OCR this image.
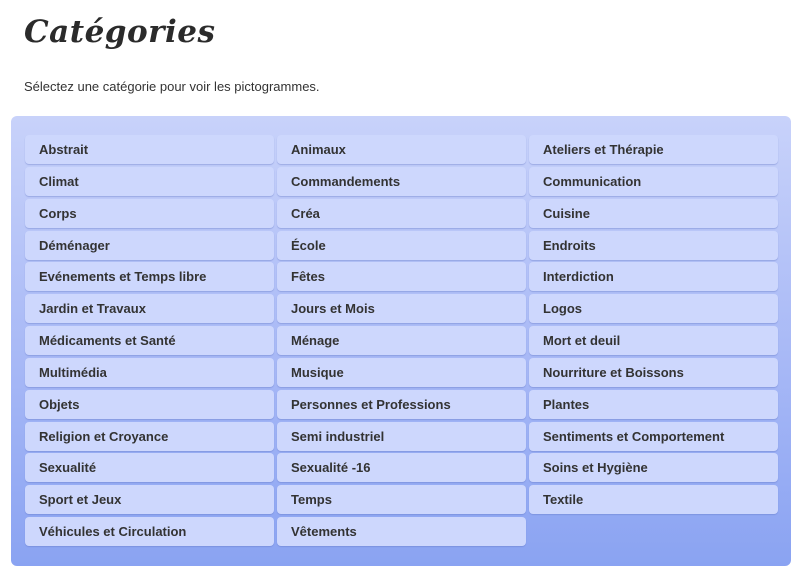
Catégories

Sélectez une catégorie pour voir les pictogrammes.

Abstrait	Animaux	Ateliers et Thérapie
Climat	Commandements	Communication
Corps	Créa	Cuisine
Déménager	École	Endroits
Evénements et Temps libre	Fêtes	Interdiction
Jardin et Travaux	Jours et Mois	Logos
Médicaments et Santé	Ménage	Mort et deuil
Multimédia	Musique	Nourriture et Boissons
Objets	Personnes et Professions	Plantes
Religion et Croyance	Semi industriel	Sentiments et Comportement
Sexualité	Sexualité -16	Soins et Hygiène
Sport et Jeux	Temps	Textile
Véhicules et Circulation	Vêtements
